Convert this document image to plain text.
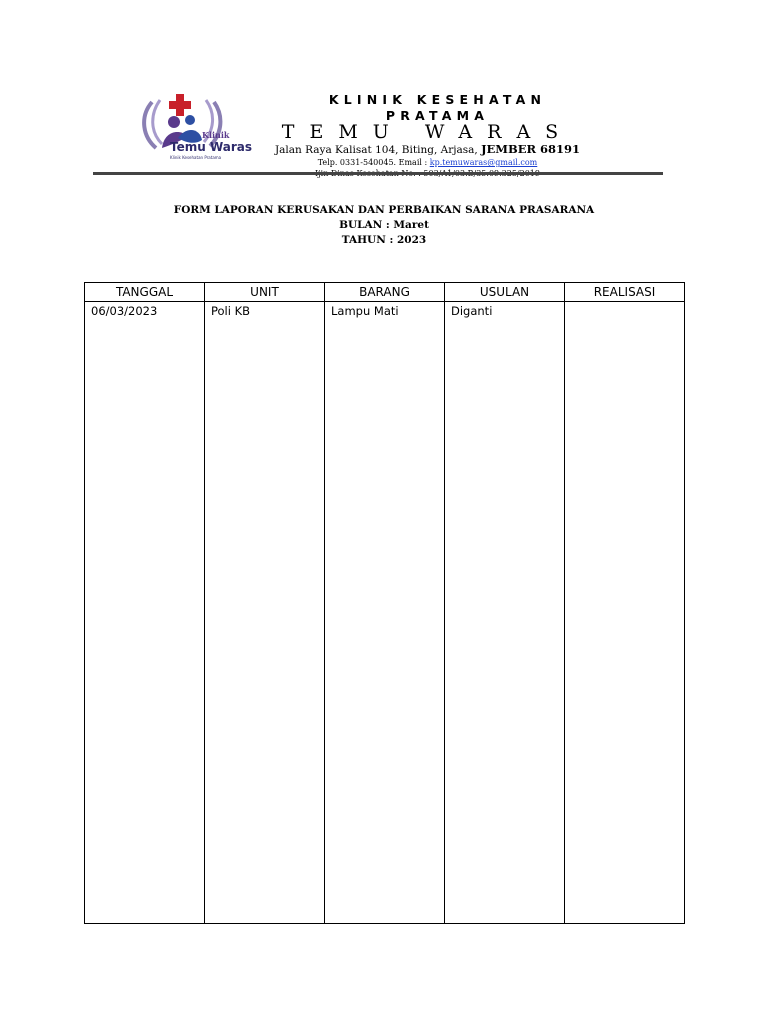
Temu Waras
Klinik
Klinik Kesehatan Pratama
KLINIK KESEHATAN PRATAMA
TEMU WARAS
Jalan Raya Kalisat 104, Biting, Arjasa, JEMBER 68191
Telp. 0331-540045. Email : kp.temuwaras@gmail.com
FORM LAPORAN KERUSAKAN DAN PERBAIKAN SARANA PRASARANA
BULAN : Maret
TAHUN : 2023
TANGGAL	UNIT	BARANG	USULAN	REALISASI
06/03/2023	Poli KB	Lampu Mati	Diganti	
